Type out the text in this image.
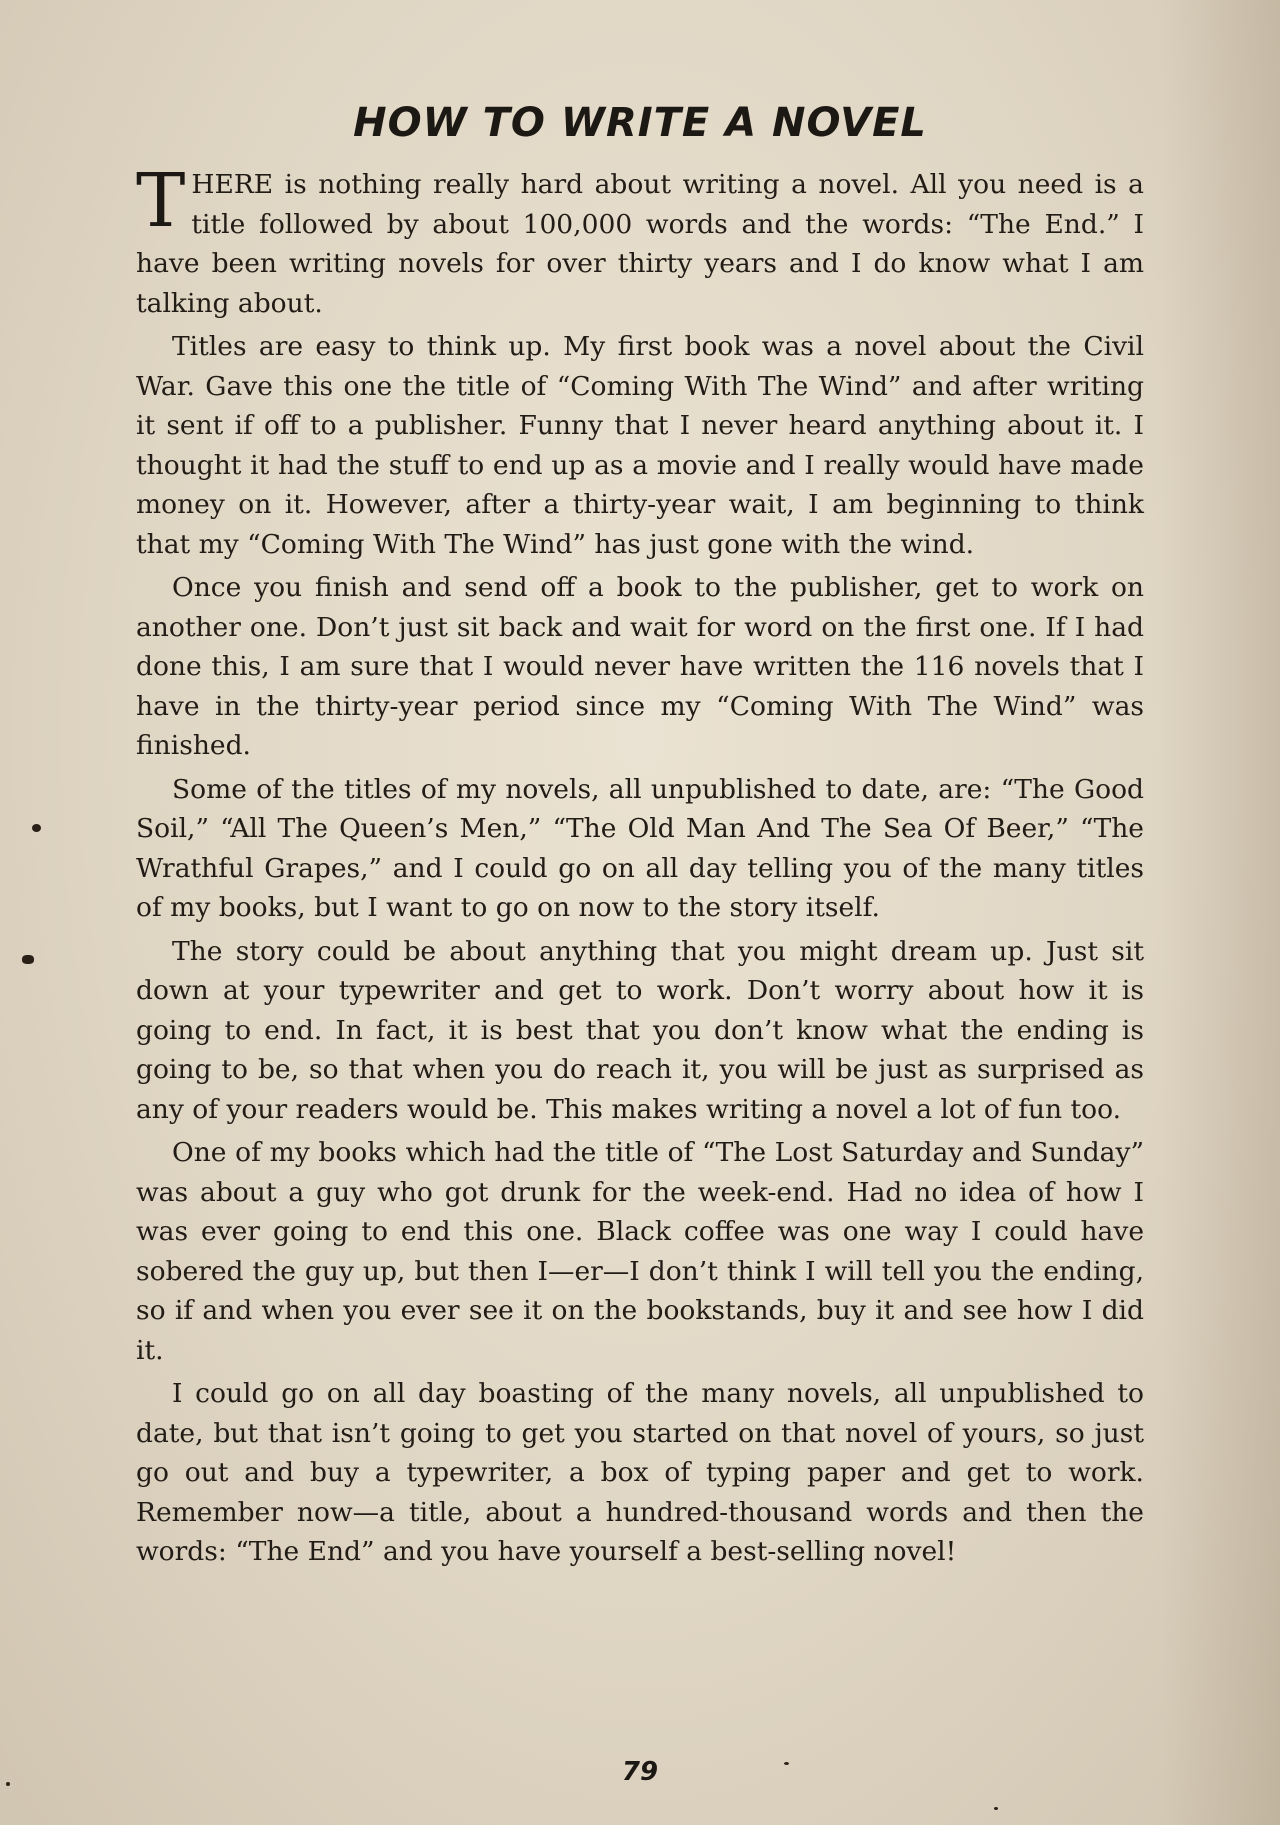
HOW TO WRITE A NOVEL

THERE is nothing really hard about writing a novel. All you need is a title followed by about 100,000 words and the words: “The End.” I have been writing novels for over thirty years and I do know what I am talking about.

Titles are easy to think up. My first book was a novel about the Civil War. Gave this one the title of “Coming With The Wind” and after writing it sent if off to a publisher. Funny that I never heard anything about it. I thought it had the stuff to end up as a movie and I really would have made money on it. However, after a thirty-year wait, I am beginning to think that my “Coming With The Wind” has just gone with the wind.

Once you finish and send off a book to the publisher, get to work on another one. Don’t just sit back and wait for word on the first one. If I had done this, I am sure that I would never have written the 116 novels that I have in the thirty-year period since my “Coming With The Wind” was finished.

Some of the titles of my novels, all unpublished to date, are: “The Good Soil,” “All The Queen’s Men,” “The Old Man And The Sea Of Beer,” “The Wrathful Grapes,” and I could go on all day telling you of the many titles of my books, but I want to go on now to the story itself.

The story could be about anything that you might dream up. Just sit down at your typewriter and get to work. Don’t worry about how it is going to end. In fact, it is best that you don’t know what the ending is going to be, so that when you do reach it, you will be just as surprised as any of your readers would be. This makes writing a novel a lot of fun too.

One of my books which had the title of “The Lost Saturday and Sunday” was about a guy who got drunk for the week-end. Had no idea of how I was ever going to end this one. Black coffee was one way I could have sobered the guy up, but then I—er—I don’t think I will tell you the ending, so if and when you ever see it on the bookstands, buy it and see how I did it.

I could go on all day boasting of the many novels, all unpublished to date, but that isn’t going to get you started on that novel of yours, so just go out and buy a typewriter, a box of typing paper and get to work. Remember now—a title, about a hundred-thousand words and then the words: “The End” and you have yourself a best-selling novel!

79
